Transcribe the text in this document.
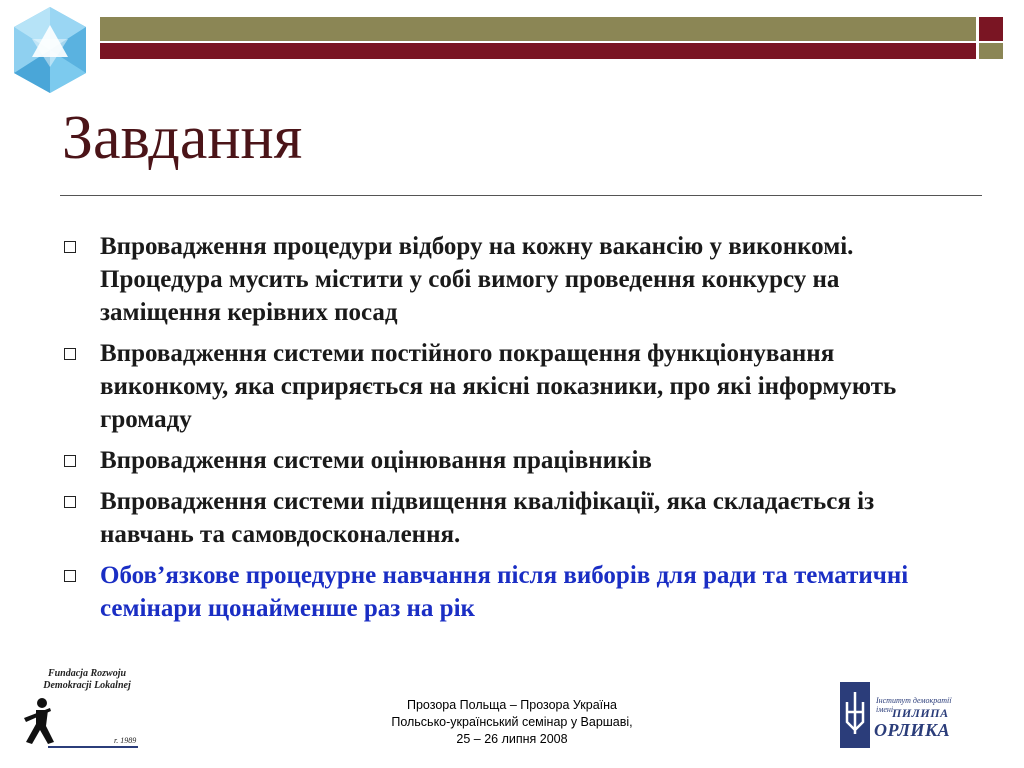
Завдання
Впровадження процедури відбору на кожну вакансію у виконкомі. Процедура мусить містити у собі вимогу проведення конкурсу на заміщення керівних посад
Впровадження системи постійного покращення функціонування виконкому, яка сприряється на якісні показники, про які інформують громаду
Впровадження системи оцінювання працівників
Впровадження системи підвищення кваліфікації, яка складається із навчань та самовдосконалення.
Обов’язкове процедурне навчання після виборів для ради та тематичні семінари щонайменше раз на рік
Fundacja Rozwoju
Demokracji Lokalnej
r. 1989
Прозора Польща – Прозора Україна
Польсько-український семінар у Варшаві,
25 – 26 липня 2008
Інститут демократії
імені
ПИЛИПА
ОРЛИКА
